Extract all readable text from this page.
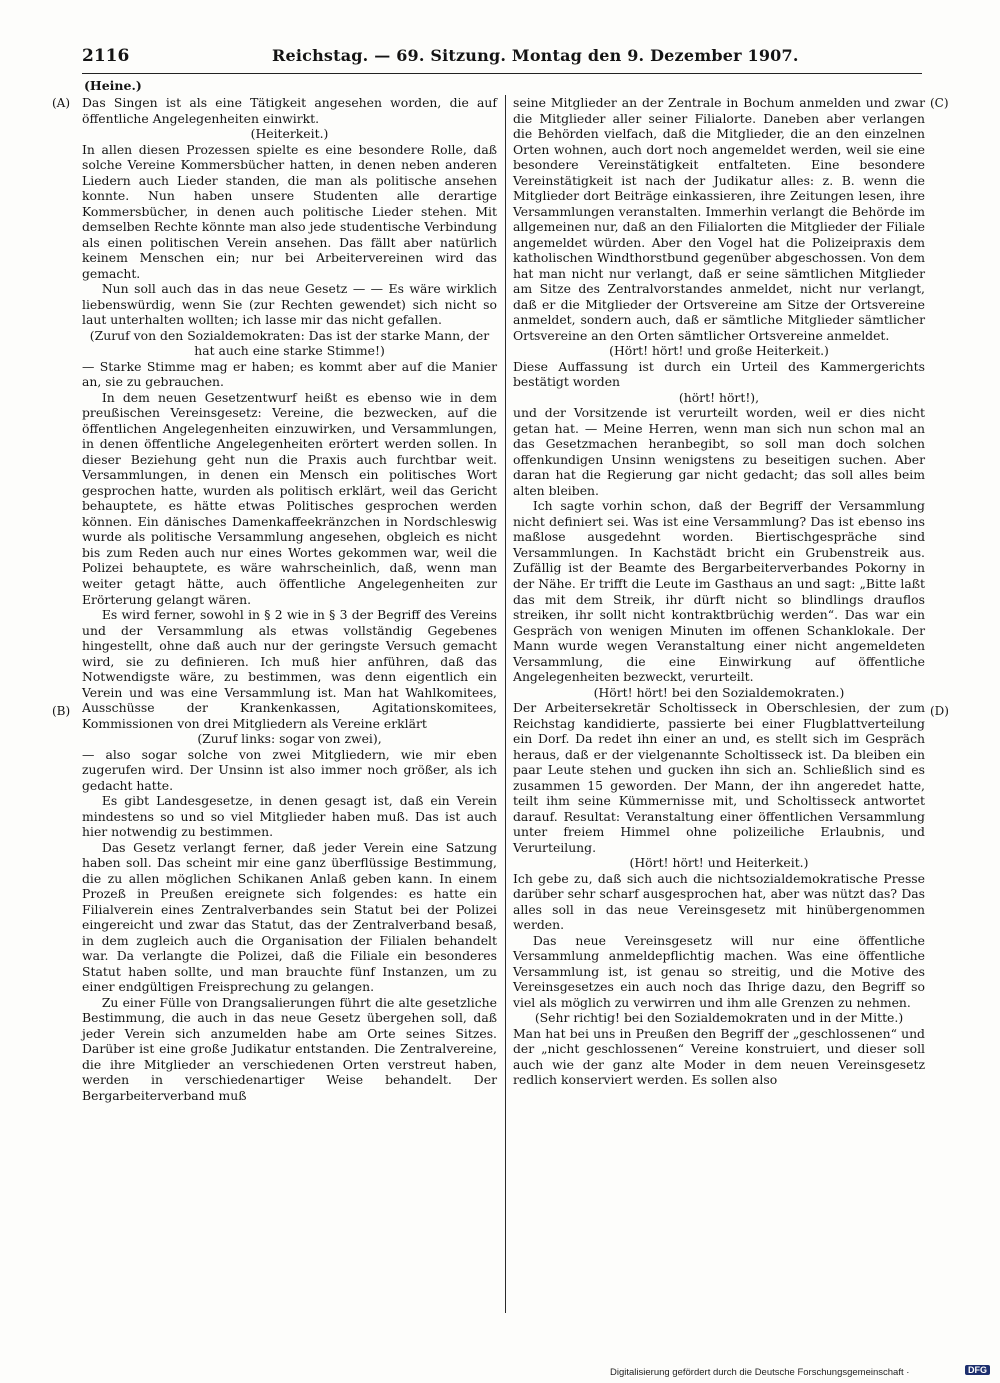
2116	Reichstag. — 69. Sitzung. Montag den 9. Dezember 1907.
(Heine.)
(A)
(B)
(C)
(D)

Das Singen ist als eine Tätigkeit angesehen worden, die auf öffentliche Angelegenheiten einwirkt.

(Heiterkeit.)

In allen diesen Prozessen spielte es eine besondere Rolle, daß solche Vereine Kommersbücher hatten, in denen neben anderen Liedern auch Lieder standen, die man als politische ansehen konnte. Nun haben unsere Studenten alle derartige Kommersbücher, in denen auch politische Lieder stehen. Mit demselben Rechte könnte man also jede studentische Verbindung als einen politischen Verein ansehen. Das fällt aber natürlich keinem Menschen ein; nur bei Arbeitervereinen wird das gemacht.

Nun soll auch das in das neue Gesetz — — Es wäre wirklich liebenswürdig, wenn Sie (zur Rechten gewendet) sich nicht so laut unterhalten wollten; ich lasse mir das nicht gefallen.

(Zuruf von den Sozialdemokraten: Das ist der starke Mann, der hat auch eine starke Stimme!)

— Starke Stimme mag er haben; es kommt aber auf die Manier an, sie zu gebrauchen.

In dem neuen Gesetzentwurf heißt es ebenso wie in dem preußischen Vereinsgesetz: Vereine, die bezwecken, auf die öffentlichen Angelegenheiten einzuwirken, und Versammlungen, in denen öffentliche Angelegenheiten erörtert werden sollen. In dieser Beziehung geht nun die Praxis auch furchtbar weit. Versammlungen, in denen ein Mensch ein politisches Wort gesprochen hatte, wurden als politisch erklärt, weil das Gericht behauptete, es hätte etwas Politisches gesprochen werden können. Ein dänisches Damenkaffeekränzchen in Nordschleswig wurde als politische Versammlung angesehen, obgleich es nicht bis zum Reden auch nur eines Wortes gekommen war, weil die Polizei behauptete, es wäre wahrscheinlich, daß, wenn man weiter getagt hätte, auch öffentliche Angelegenheiten zur Erörterung gelangt wären.

Es wird ferner, sowohl in § 2 wie in § 3 der Begriff des Vereins und der Versammlung als etwas vollständig Gegebenes hingestellt, ohne daß auch nur der geringste Versuch gemacht wird, sie zu definieren. Ich muß hier anführen, daß das Notwendigste wäre, zu bestimmen, was denn eigentlich ein Verein und was eine Versammlung ist. Man hat Wahlkomitees, Ausschüsse der Krankenkassen, Agitationskomitees, Kommissionen von drei Mitgliedern als Vereine erklärt

(Zuruf links: sogar von zwei),

— also sogar solche von zwei Mitgliedern, wie mir eben zugerufen wird. Der Unsinn ist also immer noch größer, als ich gedacht hatte.

Es gibt Landesgesetze, in denen gesagt ist, daß ein Verein mindestens so und so viel Mitglieder haben muß. Das ist auch hier notwendig zu bestimmen.

Das Gesetz verlangt ferner, daß jeder Verein eine Satzung haben soll. Das scheint mir eine ganz überflüssige Bestimmung, die zu allen möglichen Schikanen Anlaß geben kann. In einem Prozeß in Preußen ereignete sich folgendes: es hatte ein Filialverein eines Zentralverbandes sein Statut bei der Polizei eingereicht und zwar das Statut, das der Zentralverband besaß, in dem zugleich auch die Organisation der Filialen behandelt war. Da verlangte die Polizei, daß die Filiale ein besonderes Statut haben sollte, und man brauchte fünf Instanzen, um zu einer endgültigen Freisprechung zu gelangen.

Zu einer Fülle von Drangsalierungen führt die alte gesetzliche Bestimmung, die auch in das neue Gesetz übergehen soll, daß jeder Verein sich anzumelden habe am Orte seines Sitzes. Darüber ist eine große Judikatur entstanden. Die Zentralvereine, die ihre Mitglieder an verschiedenen Orten verstreut haben, werden in verschiedenartiger Weise behandelt. Der Bergarbeiterverband muß

seine Mitglieder an der Zentrale in Bochum anmelden und zwar die Mitglieder aller seiner Filialorte. Daneben aber verlangen die Behörden vielfach, daß die Mitglieder, die an den einzelnen Orten wohnen, auch dort noch angemeldet werden, weil sie eine besondere Vereinstätigkeit entfalteten. Eine besondere Vereinstätigkeit ist nach der Judikatur alles: z. B. wenn die Mitglieder dort Beiträge einkassieren, ihre Zeitungen lesen, ihre Versammlungen veranstalten. Immerhin verlangt die Behörde im allgemeinen nur, daß an den Filialorten die Mitglieder der Filiale angemeldet würden. Aber den Vogel hat die Polizeipraxis dem katholischen Windthorstbund gegenüber abgeschossen. Von dem hat man nicht nur verlangt, daß er seine sämtlichen Mitglieder am Sitze des Zentralvorstandes anmeldet, nicht nur verlangt, daß er die Mitglieder der Ortsvereine am Sitze der Ortsvereine anmeldet, sondern auch, daß er sämtliche Mitglieder sämtlicher Ortsvereine an den Orten sämtlicher Ortsvereine anmeldet.

(Hört! hört! und große Heiterkeit.)

Diese Auffassung ist durch ein Urteil des Kammergerichts bestätigt worden

(hört! hört!),

und der Vorsitzende ist verurteilt worden, weil er dies nicht getan hat. — Meine Herren, wenn man sich nun schon mal an das Gesetzmachen heranbegibt, so soll man doch solchen offenkundigen Unsinn wenigstens zu beseitigen suchen. Aber daran hat die Regierung gar nicht gedacht; das soll alles beim alten bleiben.

Ich sagte vorhin schon, daß der Begriff der Versammlung nicht definiert sei. Was ist eine Versammlung? Das ist ebenso ins maßlose ausgedehnt worden. Biertischgespräche sind Versammlungen. In Kachstädt bricht ein Grubenstreik aus. Zufällig ist der Beamte des Bergarbeiterverbandes Pokorny in der Nähe. Er trifft die Leute im Gasthaus an und sagt: „Bitte laßt das mit dem Streik, ihr dürft nicht so blindlings drauflos streiken, ihr sollt nicht kontraktbrüchig werden“. Das war ein Gespräch von wenigen Minuten im offenen Schanklokale. Der Mann wurde wegen Veranstaltung einer nicht angemeldeten Versammlung, die eine Einwirkung auf öffentliche Angelegenheiten bezweckt, verurteilt.

(Hört! hört! bei den Sozialdemokraten.)

Der Arbeitersekretär Scholtisseck in Oberschlesien, der zum Reichstag kandidierte, passierte bei einer Flugblattverteilung ein Dorf. Da redet ihn einer an und, es stellt sich im Gespräch heraus, daß er der vielgenannte Scholtisseck ist. Da bleiben ein paar Leute stehen und gucken ihn sich an. Schließlich sind es zusammen 15 geworden. Der Mann, der ihn angeredet hatte, teilt ihm seine Kümmernisse mit, und Scholtisseck antwortet darauf. Resultat: Veranstaltung einer öffentlichen Versammlung unter freiem Himmel ohne polizeiliche Erlaubnis, und Verurteilung.

(Hört! hört! und Heiterkeit.)

Ich gebe zu, daß sich auch die nichtsozialdemokratische Presse darüber sehr scharf ausgesprochen hat, aber was nützt das? Das alles soll in das neue Vereinsgesetz mit hinübergenommen werden.

Das neue Vereinsgesetz will nur eine öffentliche Versammlung anmeldepflichtig machen. Was eine öffentliche Versammlung ist, ist genau so streitig, und die Motive des Vereinsgesetzes ein auch noch das Ihrige dazu, den Begriff so viel als möglich zu verwirren und ihm alle Grenzen zu nehmen.

(Sehr richtig! bei den Sozialdemokraten und in der Mitte.)

Man hat bei uns in Preußen den Begriff der „geschlossenen“ und der „nicht geschlossenen“ Vereine konstruiert, und dieser soll auch wie der ganz alte Moder in dem neuen Vereinsgesetz redlich konserviert werden. Es sollen also

Digitalisierung gefördert durch die Deutsche Forschungsgemeinschaft ·	DFG
